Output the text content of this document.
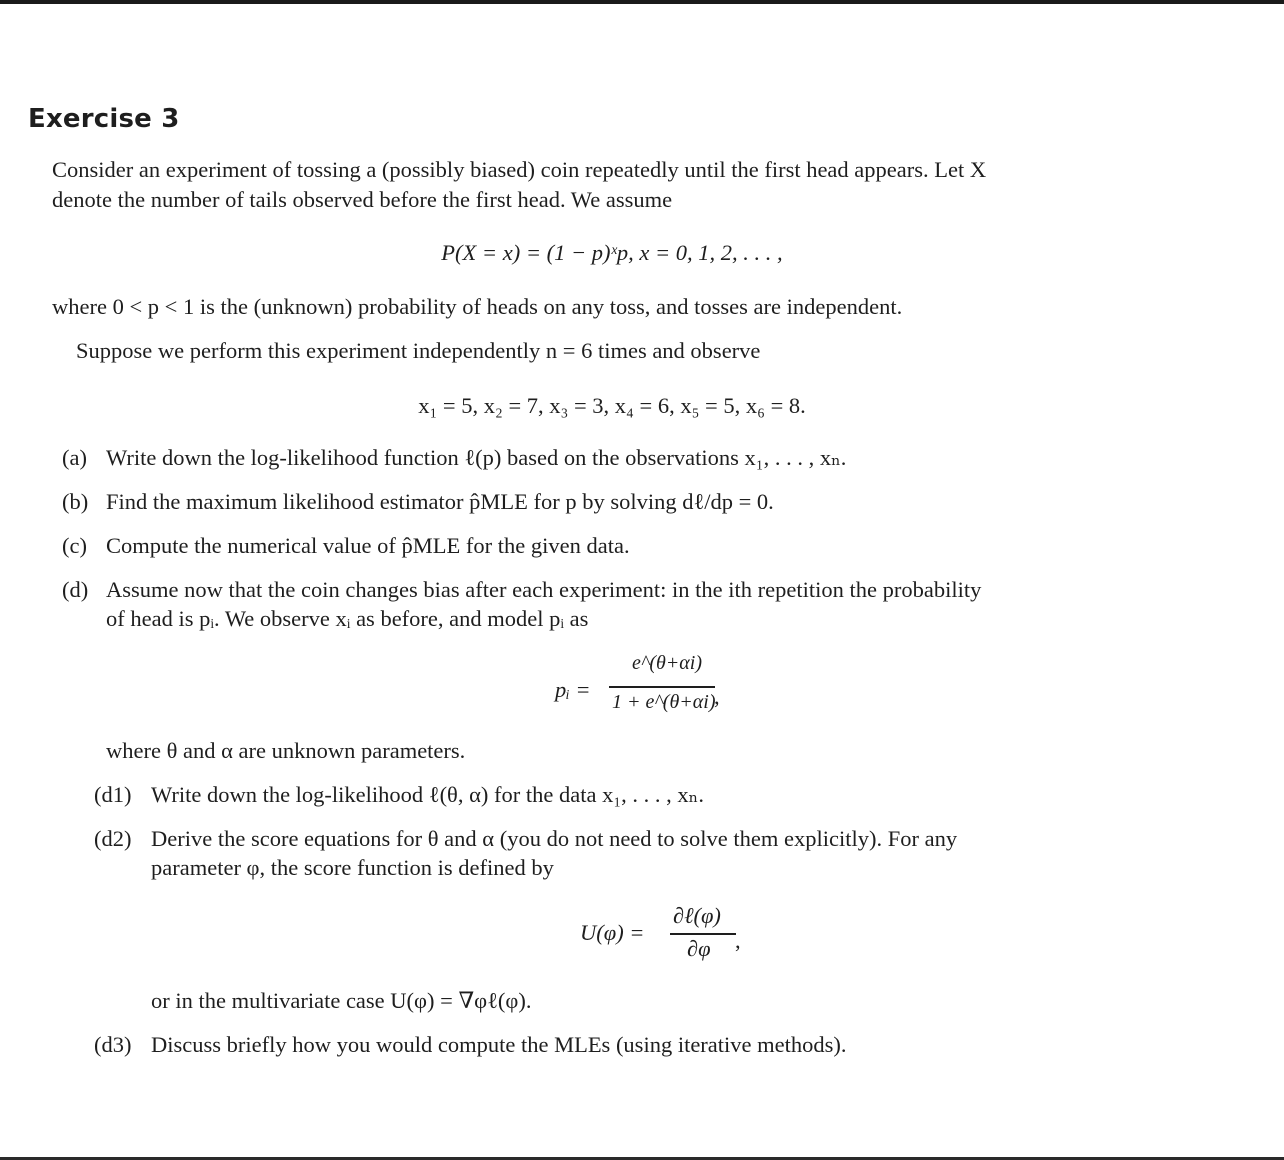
Exercise 3
Consider an experiment of tossing a (possibly biased) coin repeatedly until the first head appears. Let X
denote the number of tails observed before the first head. We assume
P(X = x) = (1 − p)ˣp, x = 0, 1, 2, . . . ,
where 0 < p < 1 is the (unknown) probability of heads on any toss, and tosses are independent.
Suppose we perform this experiment independently n = 6 times and observe
x₁ = 5, x₂ = 7, x₃ = 3, x₄ = 6, x₅ = 5, x₆ = 8.
(a) Write down the log-likelihood function ℓ(p) based on the observations x₁, . . . , xₙ.
(b) Find the maximum likelihood estimator p̂MLE for p by solving dℓ/dp = 0.
(c) Compute the numerical value of p̂MLE for the given data.
(d) Assume now that the coin changes bias after each experiment: in the ith repetition the probability
of head is pᵢ. We observe xᵢ as before, and model pᵢ as
pᵢ =
e^(θ+αi)
1 + e^(θ+αi)
,
where θ and α are unknown parameters.
(d1) Write down the log-likelihood ℓ(θ, α) for the data x₁, . . . , xₙ.
(d2) Derive the score equations for θ and α (you do not need to solve them explicitly). For any
parameter φ, the score function is defined by
U(φ) =
∂ℓ(φ)
∂φ ,
or in the multivariate case U(φ) = ∇φℓ(φ).
(d3) Discuss briefly how you would compute the MLEs (using iterative methods).
